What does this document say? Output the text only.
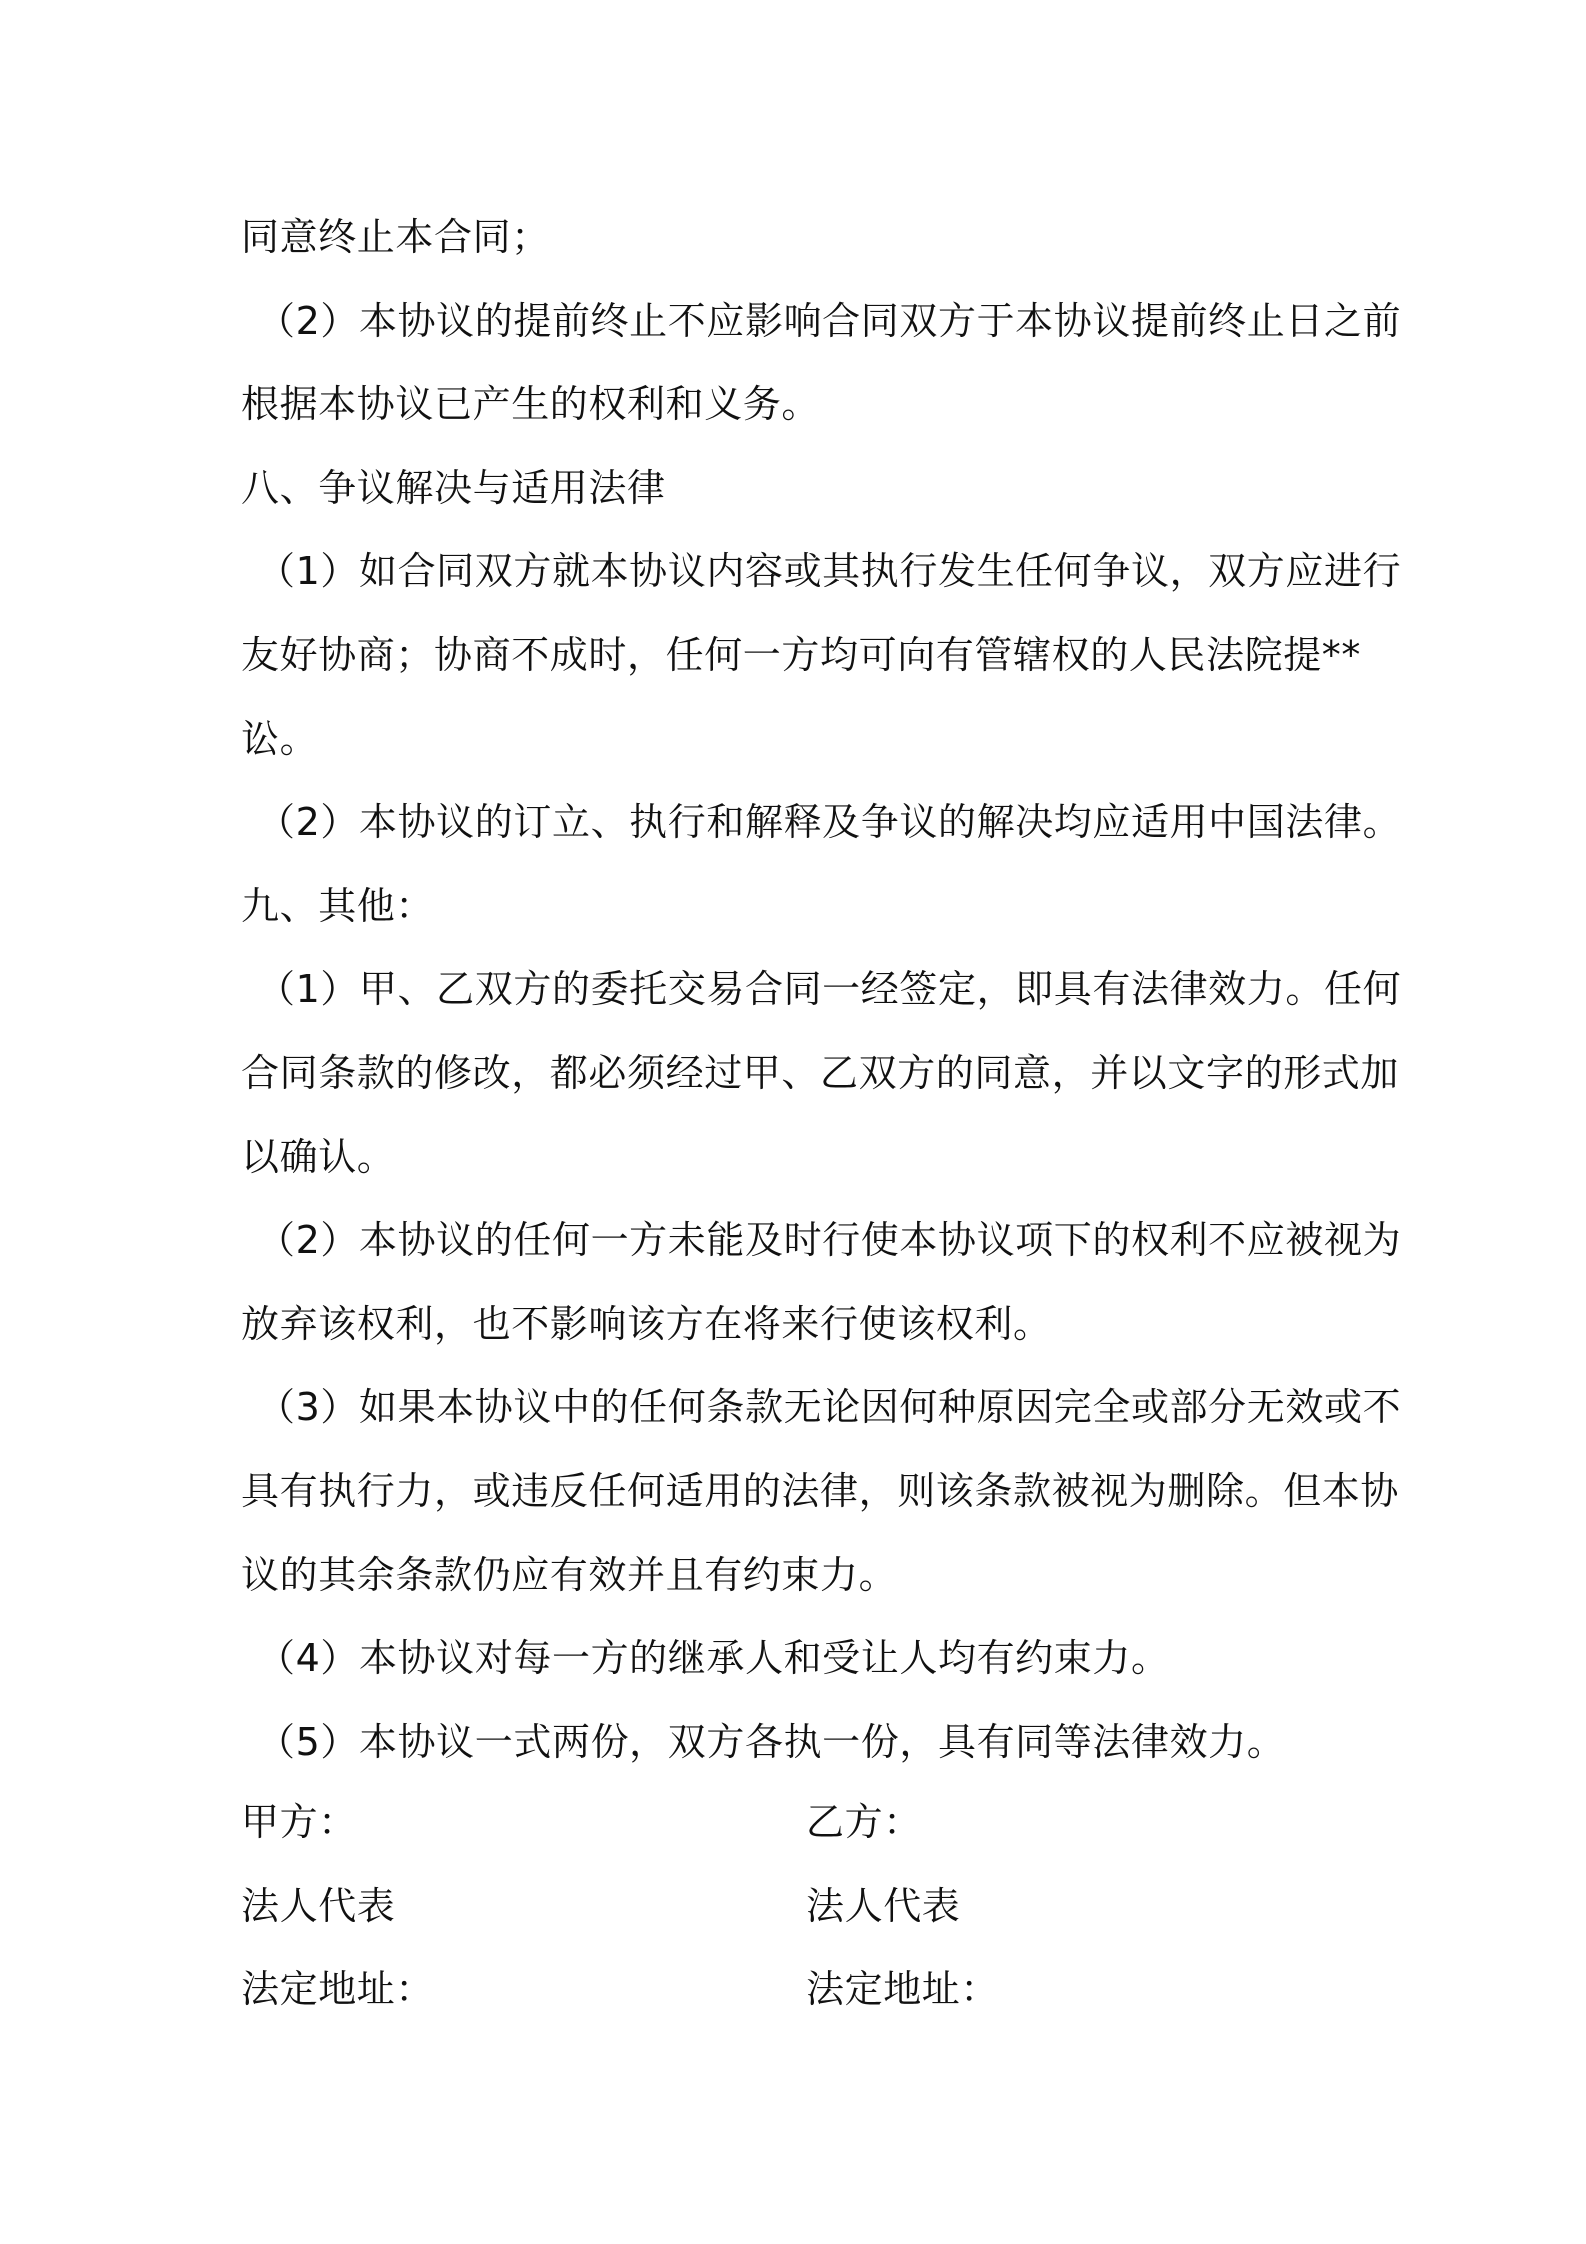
同意终止本合同；
（2）本协议的提前终止不应影响合同双方于本协议提前终止日之前
根据本协议已产生的权利和义务。
八、争议解决与适用法律
（1）如合同双方就本协议内容或其执行发生任何争议，双方应进行
友好协商；协商不成时，任何一方均可向有管辖权的人民法院提**
讼。
（2）本协议的订立、执行和解释及争议的解决均应适用中国法律。
九、其他：
（1）甲、乙双方的委托交易合同一经签定，即具有法律效力。任何
合同条款的修改，都必须经过甲、乙双方的同意，并以文字的形式加
以确认。
（2）本协议的任何一方未能及时行使本协议项下的权利不应被视为
放弃该权利，也不影响该方在将来行使该权利。
（3）如果本协议中的任何条款无论因何种原因完全或部分无效或不
具有执行力，或违反任何适用的法律，则该条款被视为删除。但本协
议的其余条款仍应有效并且有约束力。
（4）本协议对每一方的继承人和受让人均有约束力。
（5）本协议一式两份，双方各执一份，具有同等法律效力。
甲方：	乙方：
法人代表	法人代表
法定地址：	法定地址：
